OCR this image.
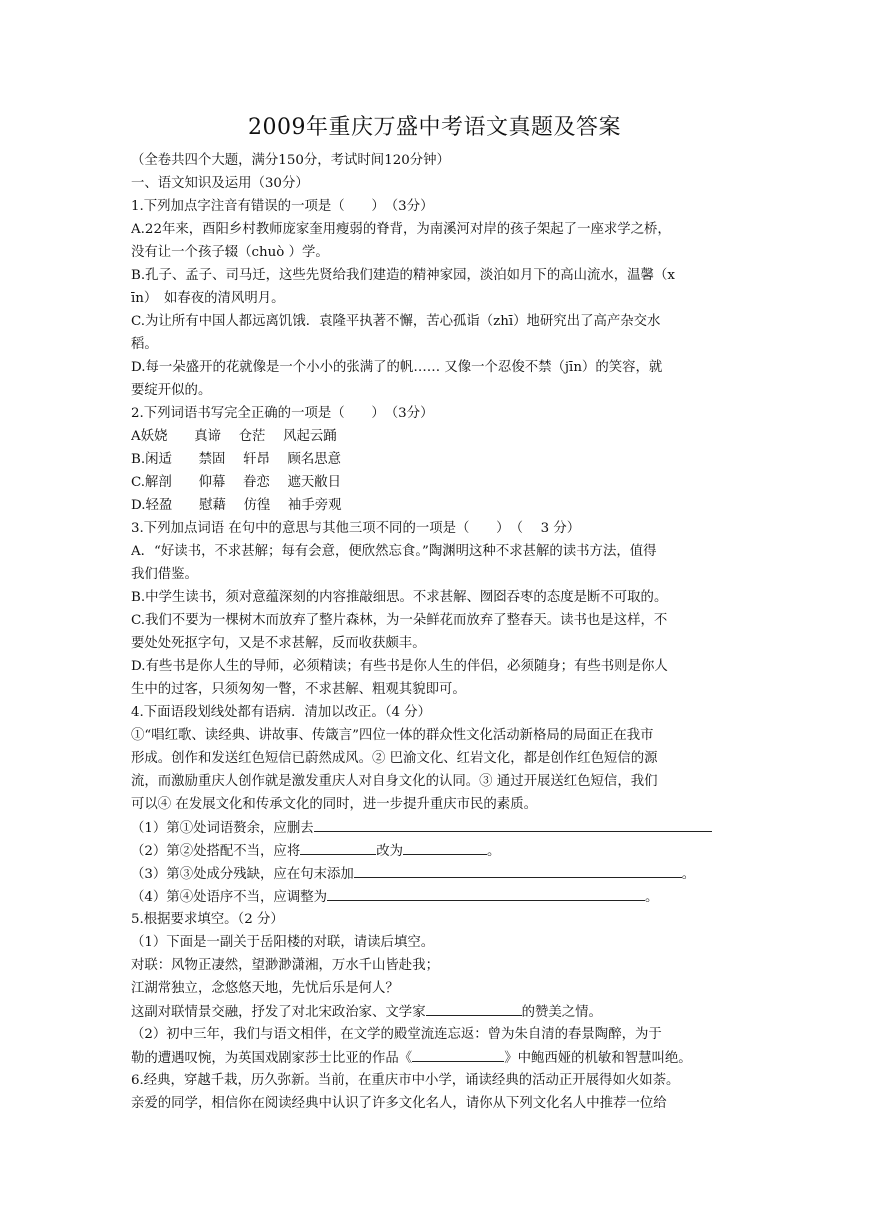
2009年重庆万盛中考语文真题及答案
（全卷共四个大题，满分150分，考试时间120分钟）
一、语文知识及运用（30分）
1.下列加点字注音有错误的一项是（　　）　（3分）
A.22年来，酉阳乡村教师庞家奎用瘦弱的脊背，为南溪河对岸的孩子架起了一座求学之桥，
没有让一个孩子辍（chuò ）学。
B.孔子、孟子、司马迁，这些先贤给我们建造的精神家园，淡泊如月下的高山流水，温馨（x
īn）　如春夜的清风明月。
C.为让所有中国人都远离饥饿．袁隆平执著不懈，苦心孤诣（zhī）地研究出了高产杂交水
稻。
D.每一朵盛开的花就像是一个小小的张满了的帆…… 又像一个忍俊不禁（jīn）的笑容，就
要绽开似的。
2.下列词语书写完全正确的一项是（　　）　（3分）
A妖娆　　真谛　 仓茫　 风起云踊
B.闲适　　禁固　 轩昂　 顾名思意
C.解剖　　仰幕　 眷恋　 遮天敝日
D.轻盈　　慰藉　 仿徨　 袖手旁观
3.下列加点词语 在句中的意思与其他三项不同的一项是（　　）　（　 3 分）
A．“好读书，不求甚解；每有会意，便欣然忘食。”陶渊明这种不求甚解的读书方法，值得
我们借鉴。
B.中学生读书，须对意蕴深刻的内容推敲细思。不求甚解、囫囵吞枣的态度是断不可取的。
C.我们不要为一棵树木而放弃了整片森林，为一朵鲜花而放弃了整春天。读书也是这样，不
要处处死抠字句，又是不求甚解，反而收获颇丰。
D.有些书是你人生的导师，必须精读；有些书是你人生的伴侣，必须随身；有些书则是你人
生中的过客，只须匆匆一瞥，不求甚解、粗观其貌即可。
4.下面语段划线处都有语病．清加以改正。（4 分）
①“唱红歌、读经典、讲故事、传箴言”四位一体的群众性文化活动新格局的局面正在我市
形成。创作和发送红色短信已蔚然成风。② 巴渝文化、红岩文化，都是创作红色短信的源
流，而激励重庆人创作就是激发重庆人对自身文化的认同。③ 通过开展送红色短信，我们
可以④ 在发展文化和传承文化的同时，进一步提升重庆市民的素质。
（1）第①处词语赘余，应删去
（2）第②处搭配不当，应将	改为	。
（3）第③处成分残缺，应在句末添加	。
（4）第④处语序不当，应调整为	。
5.根据要求填空。（2 分）
（1）下面是一副关于岳阳楼的对联，请读后填空。
对联：风物正凄然，望渺渺潇湘，万水千山皆赴我；
江湖常独立，念悠悠天地，先忧后乐是何人？
这副对联情景交融，抒发了对北宋政治家、文学家	的赞美之情。
（2）初中三年，我们与语文相伴，在文学的殿堂流连忘返：曾为朱自清的春景陶醉，为于
勒的遭遇叹惋，为英国戏剧家莎士比亚的作品《	》中鲍西娅的机敏和智慧叫绝。
6.经典，穿越千栽，历久弥新。当前，在重庆市中小学，诵读经典的活动正开展得如火如荼。
亲爱的同学，相信你在阅读经典中认识了许多文化名人，请你从下列文化名人中推荐一位给
